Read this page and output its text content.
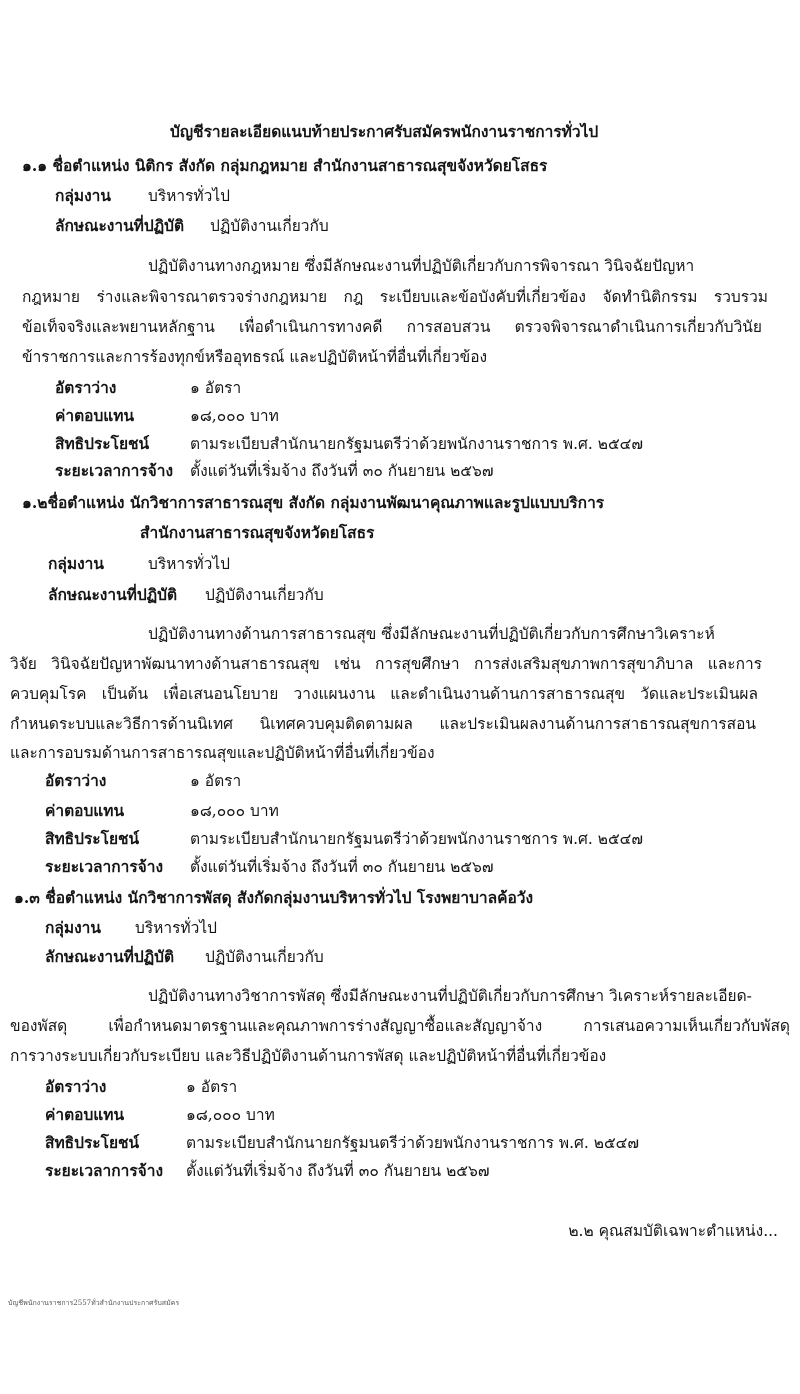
บัญชีรายละเอียดแนบท้ายประกาศรับสมัครพนักงานราชการทั่วไป
๑.๑ ชื่อตำแหน่ง นิติกร สังกัด กลุ่มกฎหมาย สำนักงานสาธารณสุขจังหวัดยโสธร
กลุ่มงาน บริหารทั่วไป
ลักษณะงานที่ปฏิบัติ ปฏิบัติงานเกี่ยวกับ
ปฏิบัติงานทางกฎหมาย ซึ่งมีลักษณะงานที่ปฏิบัติเกี่ยวกับการพิจารณา วินิจฉัยปัญหา
กฎหมาย ร่างและพิจารณาตรวจร่างกฎหมาย กฎ ระเบียบและข้อบังคับที่เกี่ยวข้อง จัดทำนิติกรรม รวบรวม
ข้อเท็จจริงและพยานหลักฐาน เพื่อดำเนินการทางคดี การสอบสวน ตรวจพิจารณาดำเนินการเกี่ยวกับวินัย
ข้าราชการและการร้องทุกข์หรืออุทธรณ์ และปฏิบัติหน้าที่อื่นที่เกี่ยวข้อง
อัตราว่าง	๑ อัตรา
ค่าตอบแทน	๑๘,๐๐๐ บาท
สิทธิประโยชน์	ตามระเบียบสำนักนายกรัฐมนตรีว่าด้วยพนักงานราชการ พ.ศ. ๒๕๔๗
ระยะเวลาการจ้าง ตั้งแต่วันที่เริ่มจ้าง ถึงวันที่ ๓๐ กันยายน ๒๕๖๗
๑.๒ชื่อตำแหน่ง นักวิชาการสาธารณสุข สังกัด กลุ่มงานพัฒนาคุณภาพและรูปแบบบริการ
สำนักงานสาธารณสุขจังหวัดยโสธร
กลุ่มงาน	บริหารทั่วไป
ลักษณะงานที่ปฏิบัติ ปฏิบัติงานเกี่ยวกับ
ปฏิบัติงานทางด้านการสาธารณสุข ซึ่งมีลักษณะงานที่ปฏิบัติเกี่ยวกับการศึกษาวิเคราะห์
วิจัย วินิจฉัยปัญหาพัฒนาทางด้านสาธารณสุข เช่น การสุขศึกษา การส่งเสริมสุขภาพการสุขาภิบาล และการ
ควบคุมโรค เป็นต้น เพื่อเสนอนโยบาย วางแผนงาน และดำเนินงานด้านการสาธารณสุข วัดและประเมินผล
กำหนดระบบและวิธีการด้านนิเทศ นิเทศควบคุมติดตามผล และประเมินผลงานด้านการสาธารณสุขการสอน
และการอบรมด้านการสาธารณสุขและปฏิบัติหน้าที่อื่นที่เกี่ยวข้อง
อัตราว่าง	๑ อัตรา
ค่าตอบแทน	๑๘,๐๐๐ บาท
สิทธิประโยชน์	ตามระเบียบสำนักนายกรัฐมนตรีว่าด้วยพนักงานราชการ พ.ศ. ๒๕๔๗
ระยะเวลาการจ้าง ตั้งแต่วันที่เริ่มจ้าง ถึงวันที่ ๓๐ กันยายน ๒๕๖๗
๑.๓ ชื่อตำแหน่ง นักวิชาการพัสดุ สังกัดกลุ่มงานบริหารทั่วไป โรงพยาบาลค้อวัง
กลุ่มงาน บริหารทั่วไป
ลักษณะงานที่ปฏิบัติ ปฏิบัติงานเกี่ยวกับ
ปฏิบัติงานทางวิชาการพัสดุ ซึ่งมีลักษณะงานที่ปฏิบัติเกี่ยวกับการศึกษา วิเคราะห์รายละเอียด-
ของพัสดุ เพื่อกำหนดมาตรฐานและคุณภาพการร่างสัญญาซื้อและสัญญาจ้าง การเสนอความเห็นเกี่ยวกับพัสดุ
การวางระบบเกี่ยวกับระเบียบ และวิธีปฏิบัติงานด้านการพัสดุ และปฏิบัติหน้าที่อื่นที่เกี่ยวข้อง
อัตราว่าง	๑ อัตรา
ค่าตอบแทน	๑๘,๐๐๐ บาท
สิทธิประโยชน์	ตามระเบียบสำนักนายกรัฐมนตรีว่าด้วยพนักงานราชการ พ.ศ. ๒๕๔๗
ระยะเวลาการจ้าง ตั้งแต่วันที่เริ่มจ้าง ถึงวันที่ ๓๐ กันยายน ๒๕๖๗
๒.๒ คุณสมบัติเฉพาะตำแหน่ง...
บัญชีพนักงานราชการ2557ทั่วสำนักงานประกาศรับสมัคร
